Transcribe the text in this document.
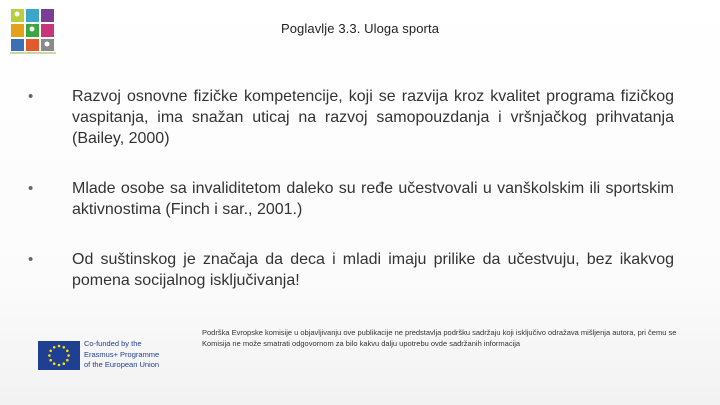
Poglavlje 3.3. Uloga sporta
•	Razvoj osnovne fizičke kompetencije, koji se razvija kroz kvalitet programa fizičkog vaspitanja, ima snažan uticaj na razvoj samopouzdanja i vršnjačkog prihvatanja (Bailey, 2000)
•	Mlade osobe sa invaliditetom daleko su ređe učestvovali u vanškolskim ili sportskim aktivnostima (Finch i sar., 2001.)
•	Od suštinskog je značaja da deca i mladi imaju prilike da učestvuju, bez ikakvog pomena socijalnog isključivanja!
Co-funded by the
Erasmus+ Programme
of the European Union
Podrška Evropske komisije u objavljivanju ove publikacije ne predstavlja podršku sadržaju koji isključivo odražava mišljenja autora, pri čemu se Komisija ne može smatrati odgovornom za bilo kakvu dalju upotrebu ovde sadržanih informacija
